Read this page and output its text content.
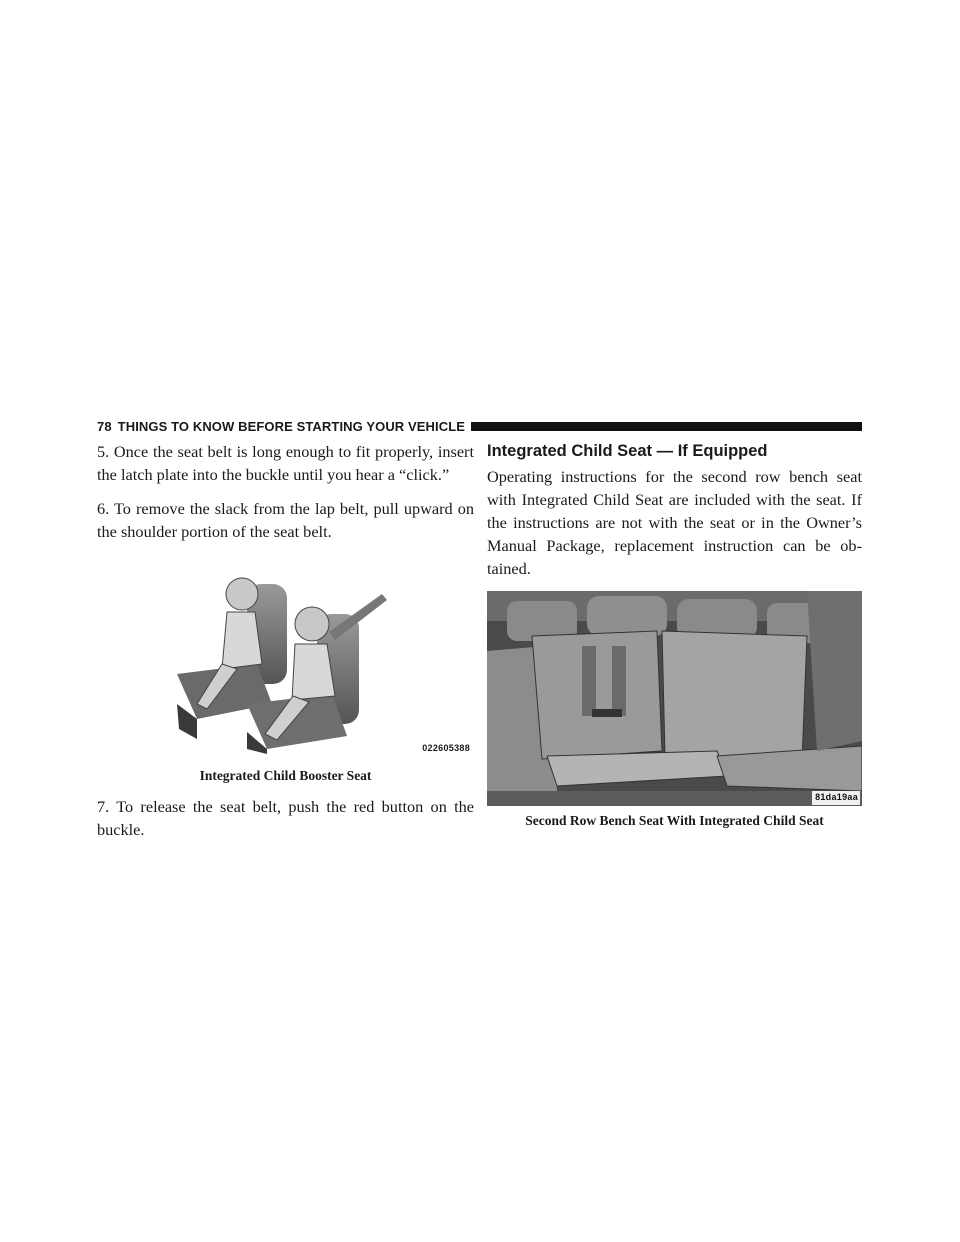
78 THINGS TO KNOW BEFORE STARTING YOUR VEHICLE

5. Once the seat belt is long enough to fit properly, insert the latch plate into the buckle until you hear a “click.”

6. To remove the slack from the lap belt, pull upward on the shoulder portion of the seat belt.

022605388
Integrated Child Booster Seat

7. To release the seat belt, push the red button on the buckle.

Integrated Child Seat — If Equipped

Operating instructions for the second row bench seat with Integrated Child Seat are included with the seat. If the instructions are not with the seat or in the Owner’s Manual Package, replacement instruction can be ob- tained.

81da19aa
Second Row Bench Seat With Integrated Child Seat
